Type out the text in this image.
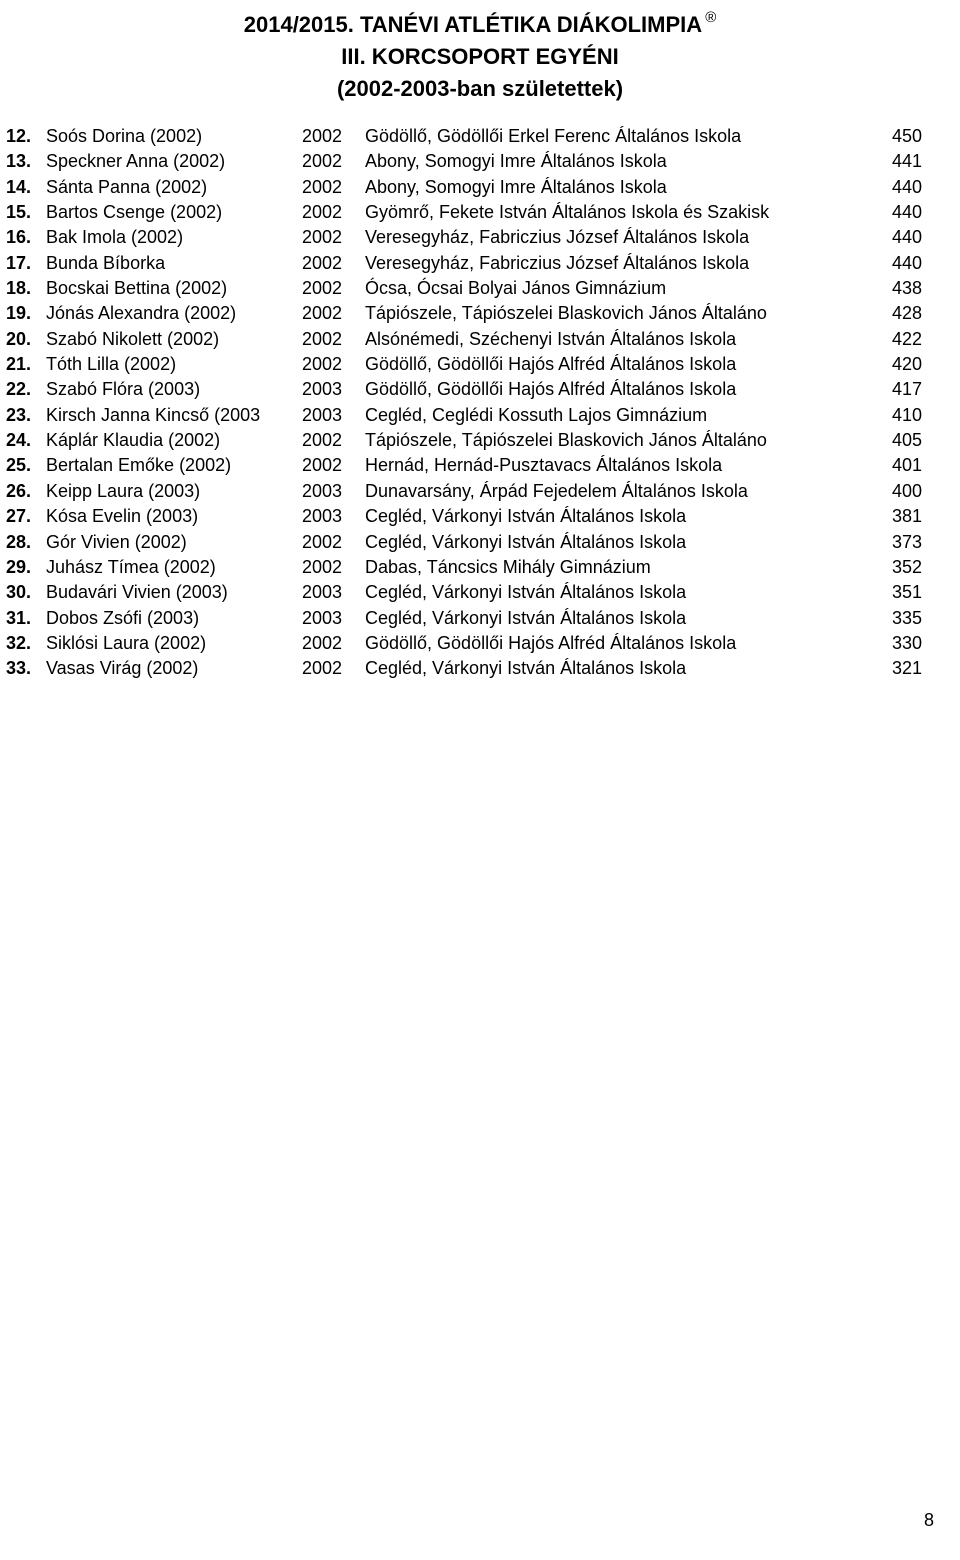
2014/2015. TANÉVI ATLÉTIKA DIÁKOLIMPIA ®
III. KORCSOPORT EGYÉNI
(2002-2003-ban születettek)
12. Soós Dorina (2002)	2002	Gödöllő, Gödöllői Erkel Ferenc Általános Iskola	450
13. Speckner Anna (2002)	2002	Abony, Somogyi Imre Általános Iskola	441
14. Sánta Panna (2002)	2002	Abony, Somogyi Imre Általános Iskola	440
15. Bartos Csenge (2002)	2002	Gyömrő, Fekete István Általános Iskola és Szakisk	440
16. Bak Imola (2002)	2002	Veresegyház, Fabriczius József Általános Iskola	440
17. Bunda Bíborka	2002	Veresegyház, Fabriczius József Általános Iskola	440
18. Bocskai Bettina (2002)	2002	Ócsa, Ócsai Bolyai János Gimnázium	438
19. Jónás Alexandra (2002)	2002	Tápiószele, Tápiószelei Blaskovich János Általáno	428
20. Szabó Nikolett (2002)	2002	Alsónémedi, Széchenyi István Általános Iskola	422
21. Tóth Lilla (2002)	2002	Gödöllő, Gödöllői Hajós Alfréd Általános Iskola	420
22. Szabó Flóra (2003)	2003	Gödöllő, Gödöllői Hajós Alfréd Általános Iskola	417
23. Kirsch Janna Kincső (2003	2003	Cegléd, Ceglédi Kossuth Lajos Gimnázium	410
24. Káplár Klaudia (2002)	2002	Tápiószele, Tápiószelei Blaskovich János Általáno	405
25. Bertalan Emőke (2002)	2002	Hernád, Hernád-Pusztavacs Általános Iskola	401
26. Keipp Laura (2003)	2003	Dunavarsány, Árpád Fejedelem Általános Iskola	400
27. Kósa Evelin (2003)	2003	Cegléd, Várkonyi István Általános Iskola	381
28. Gór Vivien (2002)	2002	Cegléd, Várkonyi István Általános Iskola	373
29. Juhász Tímea (2002)	2002	Dabas, Táncsics Mihály Gimnázium	352
30. Budavári Vivien (2003)	2003	Cegléd, Várkonyi István Általános Iskola	351
31. Dobos Zsófi (2003)	2003	Cegléd, Várkonyi István Általános Iskola	335
32. Siklósi Laura (2002)	2002	Gödöllő, Gödöllői Hajós Alfréd Általános Iskola	330
33. Vasas Virág (2002)	2002	Cegléd, Várkonyi István Általános Iskola	321
8
